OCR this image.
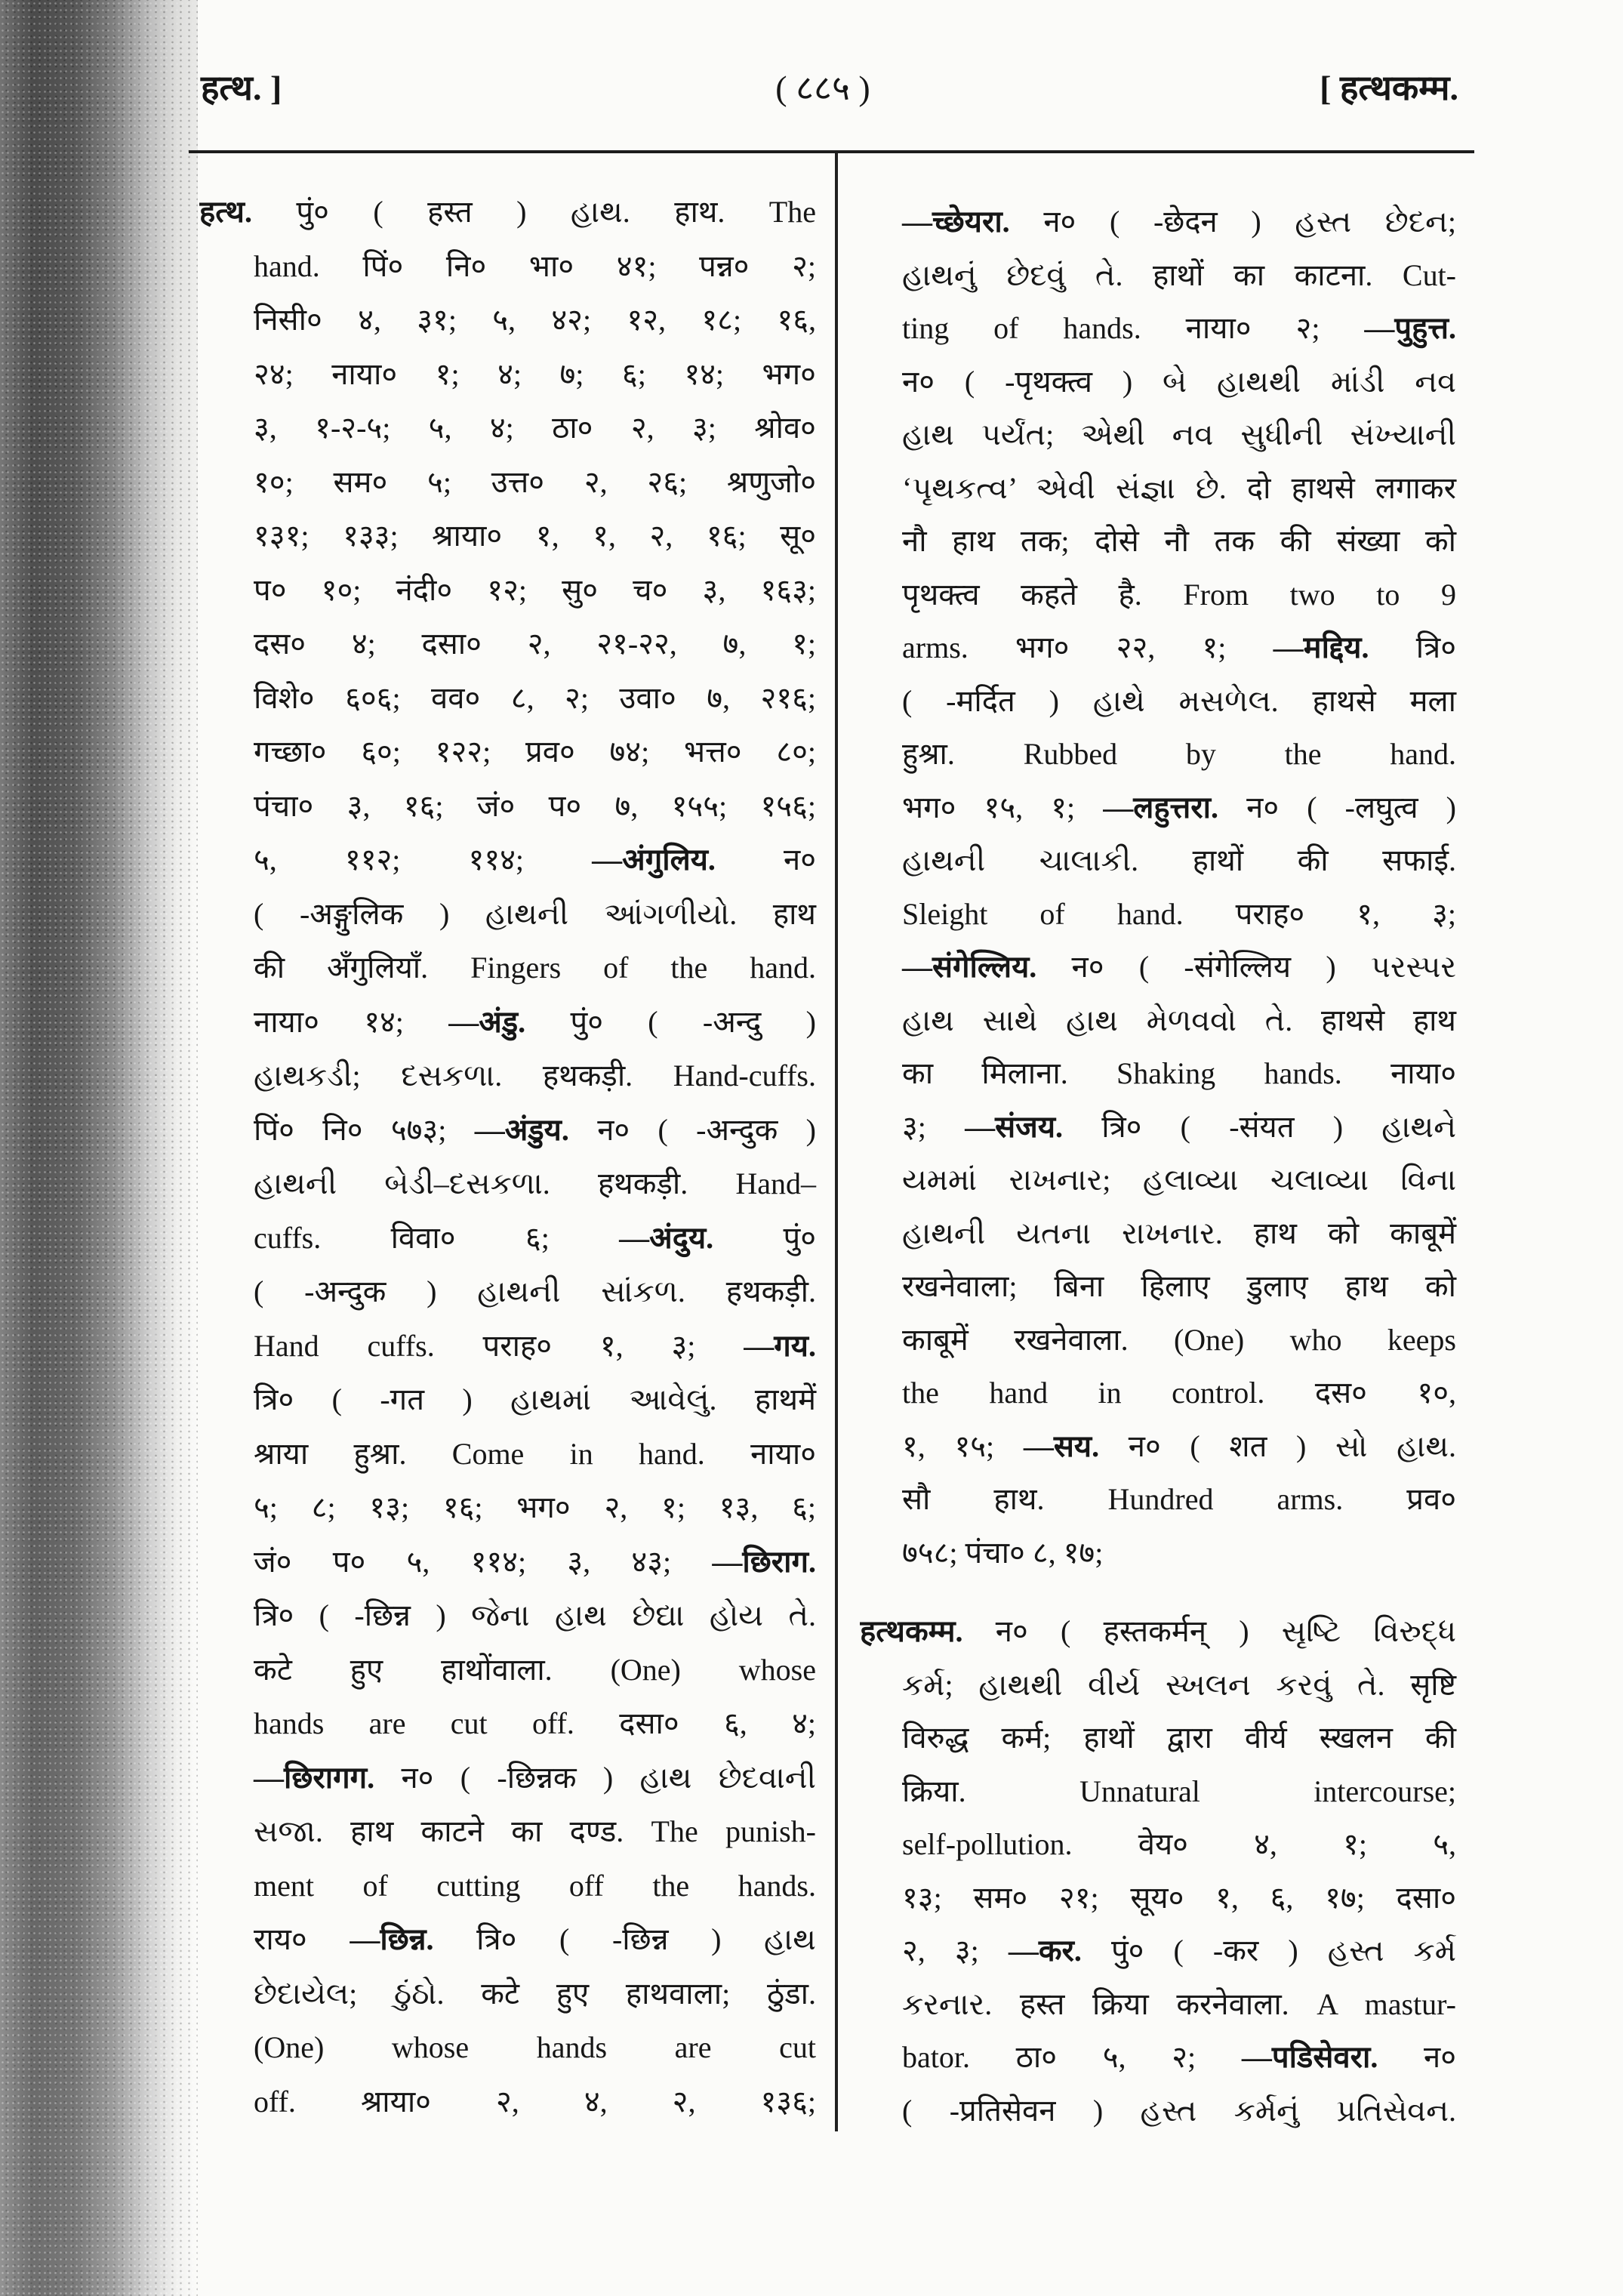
हत्थ. ]	( ८८५ )	[ हत्थकम्म.
हत्थ. पुं० ( हस्त ) હાથ. हाथ. The
hand. पिं० नि० भा० ४१; पन्न० २;
निसी० ४, ३१; ५, ४२; १२, १८; १६,
२४; नाया० १; ४; ७; ६; १४; भग०
३, १-२-५; ५, ४; ठा० २, ३; श्रोव०
१०; सम० ५; उत्त० २, २६; श्रणुजो०
१३१; १३३; श्राया० १, १, २, १६; सू०
प० १०; नंदी० १२; सु० च० ३, १६३;
दस० ४; दसा० २, २१-२२, ७, १;
विशे० ६०६; वव० ८, २; उवा० ७, २१६;
गच्छा० ६०; १२२; प्रव० ७४; भत्त० ८०;
पंचा० ३, १६; जं० प० ७, १५५; १५६;
५, ११२; ११४; —अंगुलिय. न०
( -अङ्गुलिक ) હાથની આંગળીયો. हाथ
की अँगुलियाँ. Fingers of the hand.
नाया० १४; —अंडु. पुं० ( -अन्दु )
હાથકડી; દસકળા. हथकड़ी. Hand-cuffs.
पिं० नि० ५७३; —अंडुय. न० ( -अन्दुक )
હાથની બેડી–દસકળા. हथकड़ी. Hand–
cuffs. विवा० ६; —अंदुय. पुं०
( -अन्दुक ) હાથની સાંકળ. हथकड़ी.
Hand cuffs. पराह० १, ३; —गय.
त्रि० ( -गत ) હાથમાં આવેલું. हाथमें
श्राया हुश्रा. Come in hand. नाया०
५; ८; १३; १६; भग० २, १; १३, ६;
जं० प० ५, ११४; ३, ४३; —छिराग.
त्रि० ( -छिन्न ) જેના હાથ છેદ્યા હોય તે.
कटे हुए हाथोंवाला. (One) whose
hands are cut off. दसा० ६, ४;
—छिरागग. न० ( -छिन्नक ) હાથ છેદવાની
સજા. हाथ काटने का दण्ड. The punish-
ment of cutting off the hands.
राय० —छिन्न. त्रि० ( -छिन्न ) હાથ
છેદાયેલ; ઠુંઠો. कटे हुए हाथवाला; ठुंडा.
(One) whose hands are cut
off. श्राया० २, ४, २, १३६;
—च्छेयरा. न० ( -छेदन ) હસ્ત છેદન;
હાથનું છેદવું તે. हाथों का काटना. Cut-
ting of hands. नाया० २; —पुहुत्त.
न० ( -पृथक्त्व ) બે હાથથી માંડી નવ
હાથ પર્યંત; એથી નવ સુધીની સંખ્યાની
‘પૃથકત્વ’ એવી સંજ્ઞા છે. दो हाथसे लगाकर
नौ हाथ तक; दोसे नौ तक की संख्या को
पृथक्त्व कहते है. From two to 9
arms. भग० २२, १; —मद्दिय. त्रि०
( -मर्दित ) હાથે મસળેલ. हाथसे मला
हुश्रा. Rubbed by the hand.
भग० १५, १; —लहुत्तरा. न० ( -लघुत्व )
હાથની ચાલાકી. हाथों की सफाई.
Sleight of hand. पराह० १, ३;
—संगेल्लिय. न० ( -संगेल्लिय ) પરસ્પર
હાથ સાથે હાથ મેળવવો તે. हाथसे हाथ
का मिलाना. Shaking hands. नाया०
३; —संजय. त्रि० ( -संयत ) હાથને
યમમાં રાખનાર; હલાવ્યા ચલાવ્યા વિના
હાથની યતના રાખનાર. हाथ को काबूमें
रखनेवाला; बिना हिलाए डुलाए हाथ को
काबूमें रखनेवाला. (One) who keeps
the hand in control. दस० १०,
१, १५; —सय. न० ( शत ) સો હાથ.
सौ हाथ. Hundred arms. प्रव०
७५८; पंचा० ८, १७;
हत्थकम्म. न० ( हस्तकर्मन् ) સૃષ્ટિ વિરુદ્ધ
કર્મ; હાથથી વીર્ય સ્ખલન કરવું તે. सृष्टि
विरुद्ध कर्म; हाथों द्वारा वीर्य स्खलन की
क्रिया. Unnatural intercourse;
self-pollution. वेय० ४, १; ५,
१३; सम० २१; सूय० १, ६, १७; दसा०
२, ३; —कर. पुं० ( -कर ) હસ્ત કર્મ
કરનાર. हस्त क्रिया करनेवाला. A mastur-
bator. ठा० ५, २; —पडिसेवरा. न०
( -प्रतिसेवन ) હસ્ત કર્મનું પ્રતિસેવન.
